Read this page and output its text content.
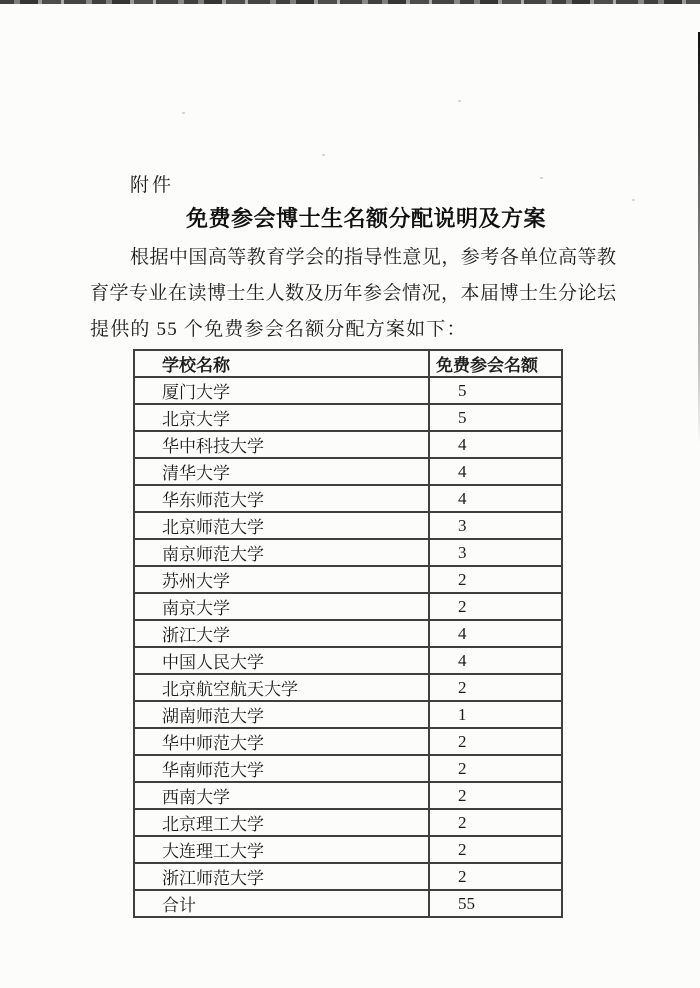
附件
免费参会博士生名额分配说明及方案
根据中国高等教育学会的指导性意见，参考各单位高等教
育学专业在读博士生人数及历年参会情况，本届博士生分论坛
提供的 55 个免费参会名额分配方案如下：
学校名称	免费参会名额
厦门大学	5
北京大学	5
华中科技大学	4
清华大学	4
华东师范大学	4
北京师范大学	3
南京师范大学	3
苏州大学	2
南京大学	2
浙江大学	4
中国人民大学	4
北京航空航天大学	2
湖南师范大学	1
华中师范大学	2
华南师范大学	2
西南大学	2
北京理工大学	2
大连理工大学	2
浙江师范大学	2
合计	55
